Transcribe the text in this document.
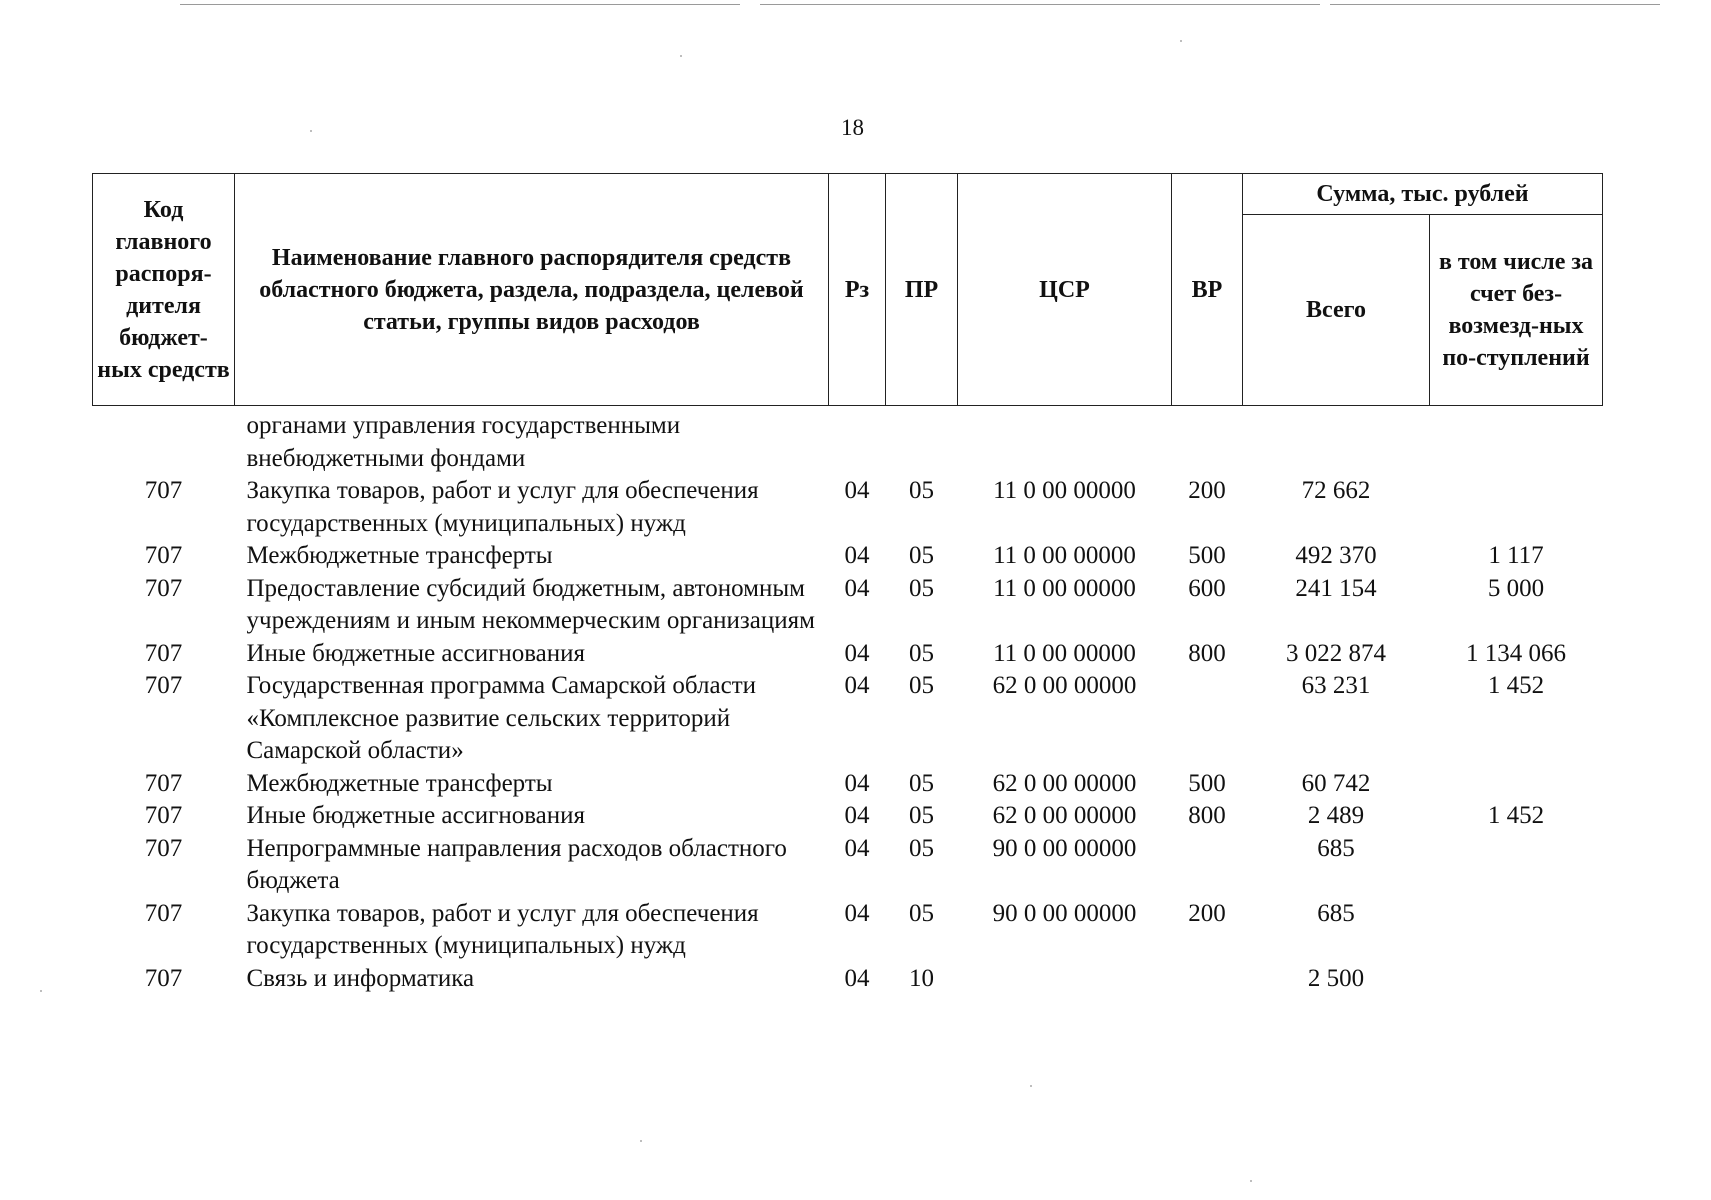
18
Код главного распоря-дителя бюджет-ных средств	Наименование главного распорядителя средств областного бюджета, раздела, подраздела, целевой статьи, группы видов расходов	Рз	ПР	ЦСР	ВР	Сумма, тыс. рублей	
						Всего	в том числе за счет без-возмезд-ных по-ступлений
	органами управления государственными внебюджетными фондами						
707	Закупка товаров, работ и услуг для обеспечения государственных (муниципальных) нужд	04	05	11 0 00 00000	200	72 662	
707	Межбюджетные трансферты	04	05	11 0 00 00000	500	492 370	1 117
707	Предоставление субсидий бюджетным, автономным учреждениям и иным некоммерческим организациям	04	05	11 0 00 00000	600	241 154	5 000
707	Иные бюджетные ассигнования	04	05	11 0 00 00000	800	3 022 874	1 134 066
707	Государственная программа Самарской области «Комплексное развитие сельских территорий Самарской области»	04	05	62 0 00 00000		63 231	1 452
707	Межбюджетные трансферты	04	05	62 0 00 00000	500	60 742	
707	Иные бюджетные ассигнования	04	05	62 0 00 00000	800	2 489	1 452
707	Непрограммные направления расходов областного бюджета	04	05	90 0 00 00000		685	
707	Закупка товаров, работ и услуг для обеспечения государственных (муниципальных) нужд	04	05	90 0 00 00000	200	685	
707	Связь и информатика	04	10			2 500	
